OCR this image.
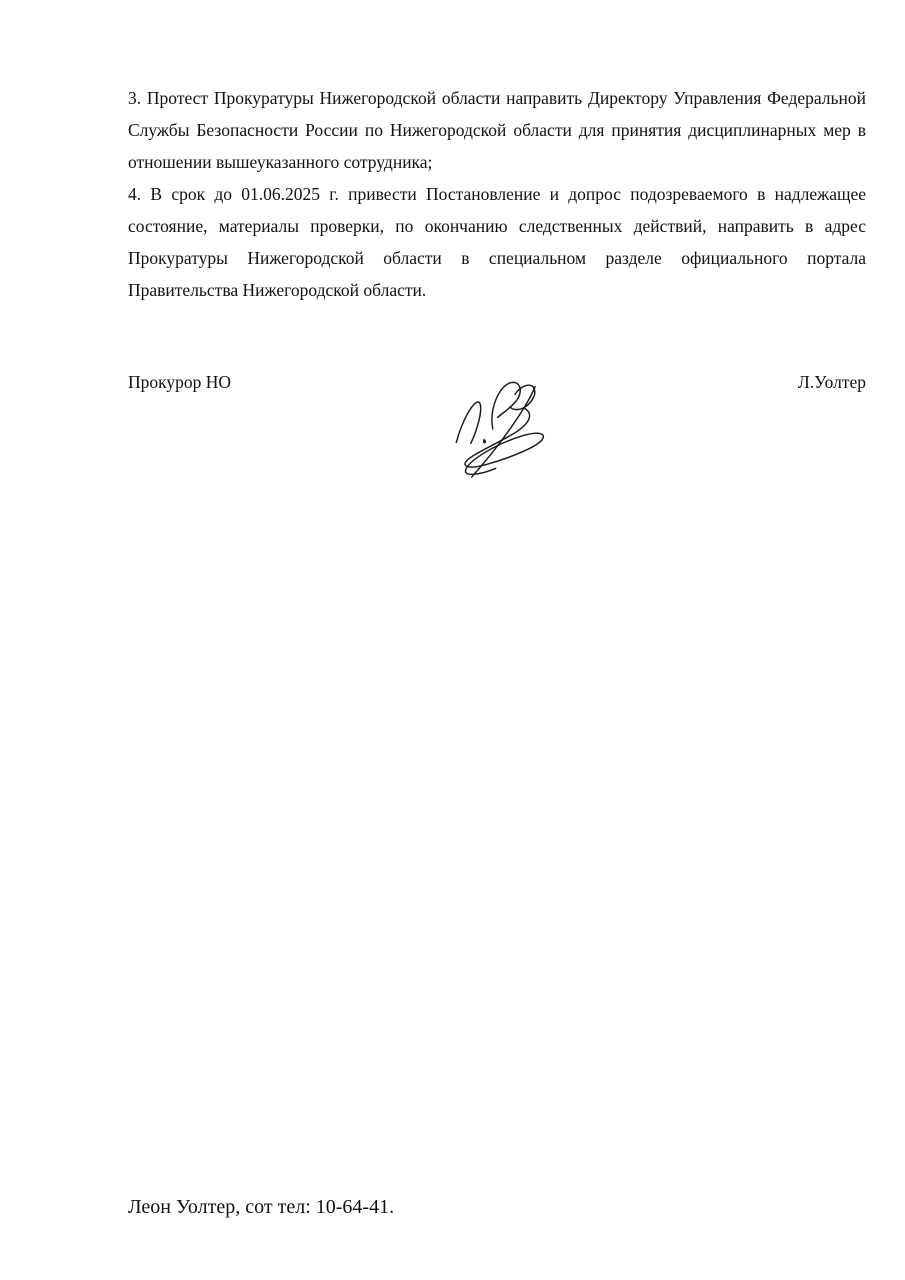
3. Протест Прокуратуры Нижегородской области направить Директору Управления Федеральной Службы Безопасности России по Нижегородской области для принятия дисциплинарных мер в отношении вышеуказанного сотрудника;

4. В срок до 01.06.2025 г. привести Постановление и допрос подозреваемого в надлежащее состояние, материалы проверки, по окончанию следственных действий, направить в адрес Прокуратуры Нижегородской области в специальном разделе официального портала Правительства Нижегородской области.

Прокурор НО	Л.Уолтер
Леон Уолтер, сот тел: 10-64-41.
